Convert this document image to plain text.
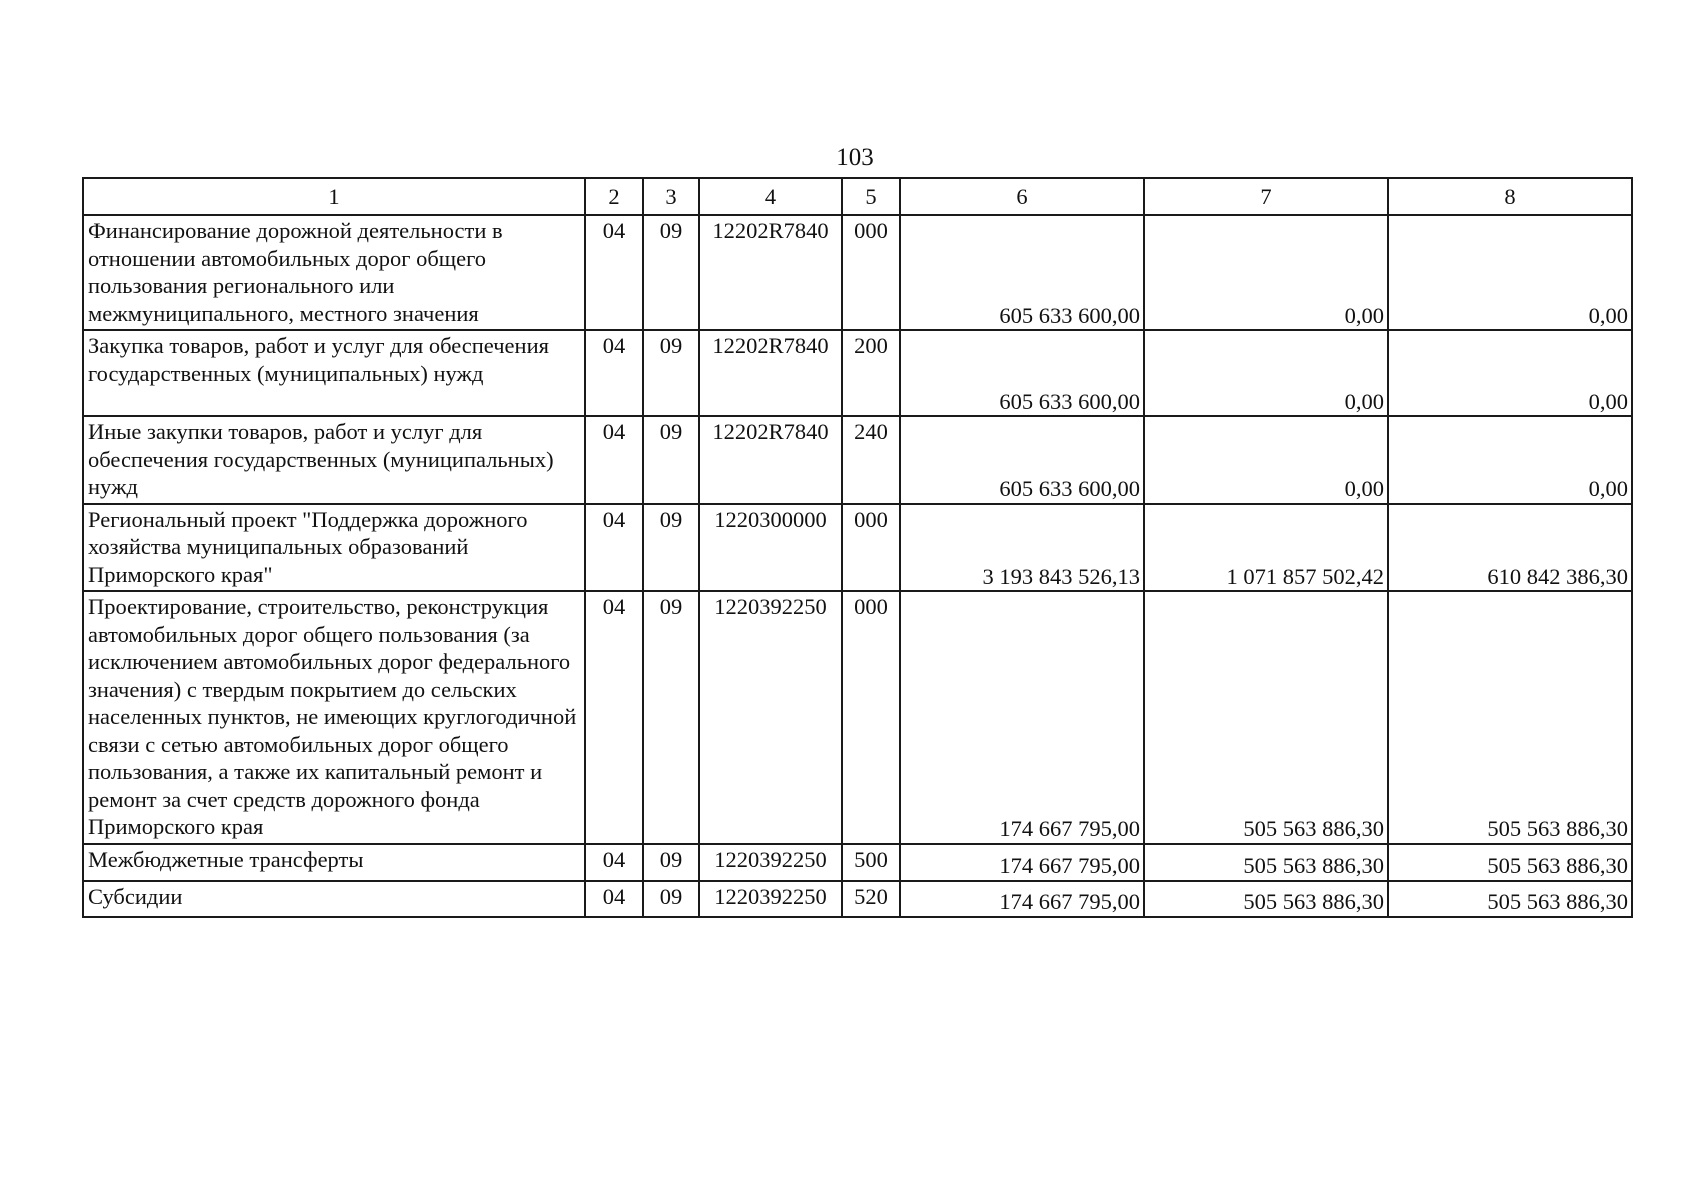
103
1	2	3	4	5	6	7	8
Финансирование дорожной деятельности в отношении автомобильных дорог общего пользования регионального или межмуниципального, местного значения	04	09	12202R7840	000	605 633 600,00	0,00	0,00
Закупка товаров, работ и услуг для обеспечения государственных (муниципальных) нужд	04	09	12202R7840	200	605 633 600,00	0,00	0,00
Иные закупки товаров, работ и услуг для обеспечения государственных (муниципальных) нужд	04	09	12202R7840	240	605 633 600,00	0,00	0,00
Региональный проект "Поддержка дорожного хозяйства муниципальных образований Приморского края"	04	09	1220300000	000	3 193 843 526,13	1 071 857 502,42	610 842 386,30
Проектирование, строительство, реконструкция автомобильных дорог общего пользования (за исключением автомобильных дорог федерального значения) с твердым покрытием до сельских населенных пунктов, не имеющих круглогодичной связи с сетью автомобильных дорог общего пользования, а также их капитальный ремонт и ремонт за счет средств дорожного фонда Приморского края	04	09	1220392250	000	174 667 795,00	505 563 886,30	505 563 886,30
Межбюджетные трансферты	04	09	1220392250	500	174 667 795,00	505 563 886,30	505 563 886,30
Субсидии	04	09	1220392250	520	174 667 795,00	505 563 886,30	505 563 886,30
